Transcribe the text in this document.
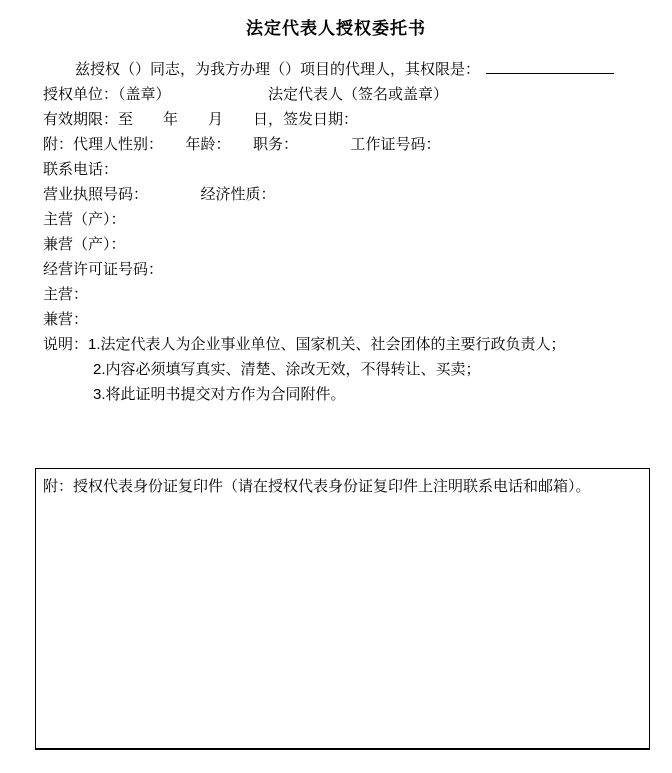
法定代表人授权委托书
兹授权（）同志，为我方办理（）项目的代理人，其权限是：
授权单位：（盖章）　　　　　　　法定代表人（签名或盖章）
有效期限：至　　年　　月　　日，签发日期：
附：代理人性别：　　年龄：　　职务：　　　　工作证号码：
联系电话：
营业执照号码：　　　　经济性质：
主营（产）：
兼营（产）：
经营许可证号码：
主营：
兼营：
说明：1.法定代表人为企业事业单位、国家机关、社会团体的主要行政负责人；
2.内容必须填写真实、清楚、涂改无效，不得转让、买卖；
3.将此证明书提交对方作为合同附件。
附：授权代表身份证复印件（请在授权代表身份证复印件上注明联系电话和邮箱）。
